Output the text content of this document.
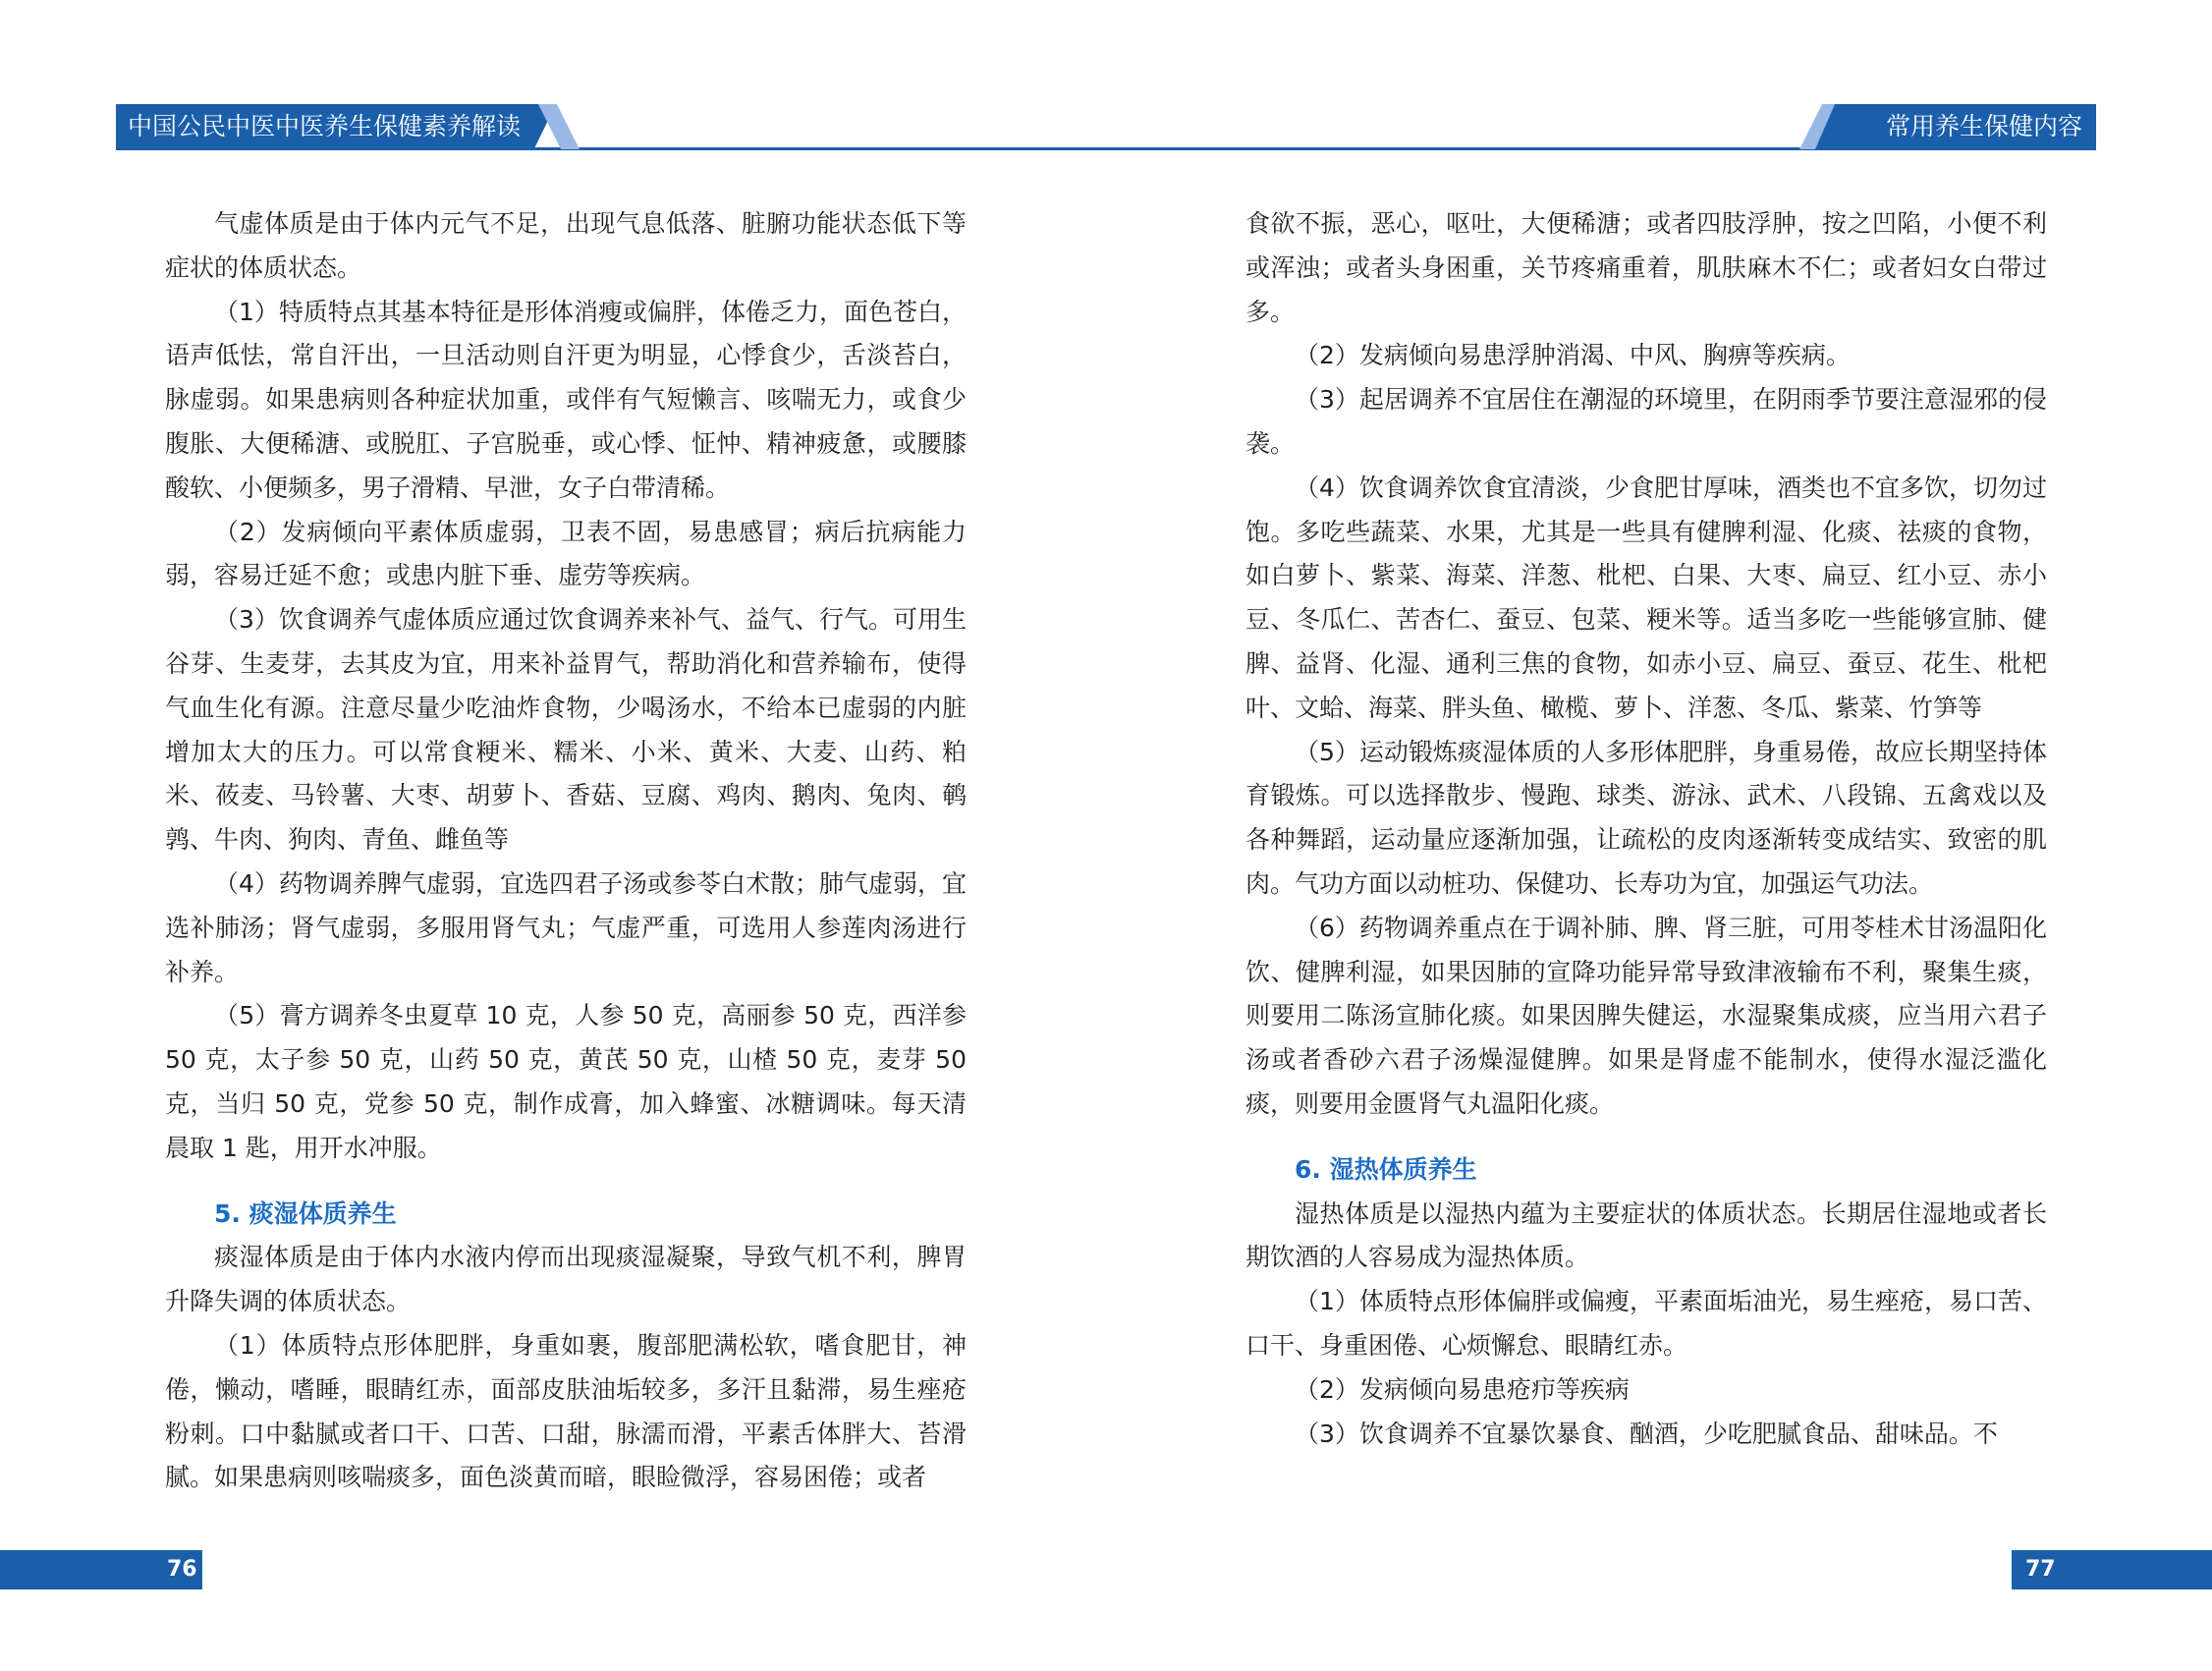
中国公民中医中医养生保健素养解读	常用养生保健内容

气虚体质是由于体内元气不足，出现气息低落、脏腑功能状态低下等症状的体质状态。

（1）特质特点其基本特征是形体消瘦或偏胖，体倦乏力，面色苍白，语声低怯，常自汗出，一旦活动则自汗更为明显，心悸食少，舌淡苔白，脉虚弱。如果患病则各种症状加重，或伴有气短懒言、咳喘无力，或食少腹胀、大便稀溏、或脱肛、子宫脱垂，或心悸、怔忡、精神疲惫，或腰膝酸软、小便频多，男子滑精、早泄，女子白带清稀。

（2）发病倾向平素体质虚弱，卫表不固，易患感冒；病后抗病能力弱，容易迁延不愈；或患内脏下垂、虚劳等疾病。

（3）饮食调养气虚体质应通过饮食调养来补气、益气、行气。可用生谷芽、生麦芽，去其皮为宜，用来补益胃气，帮助消化和营养输布，使得气血生化有源。注意尽量少吃油炸食物，少喝汤水，不给本已虚弱的内脏增加太大的压力。可以常食粳米、糯米、小米、黄米、大麦、山药、粕米、莜麦、马铃薯、大枣、胡萝卜、香菇、豆腐、鸡肉、鹅肉、兔肉、鹌鹑、牛肉、狗肉、青鱼、雌鱼等

（4）药物调养脾气虚弱，宜选四君子汤或参苓白术散；肺气虚弱，宜选补肺汤；肾气虚弱，多服用肾气丸；气虚严重，可选用人参莲肉汤进行补养。

（5）膏方调养冬虫夏草 10 克，人参 50 克，高丽参 50 克，西洋参 50 克，太子参 50 克，山药 50 克，黄芪 50 克，山楂 50 克，麦芽 50 克，当归 50 克，党参 50 克，制作成膏，加入蜂蜜、冰糖调味。每天清晨取 1 匙，用开水冲服。

5. 痰湿体质养生

痰湿体质是由于体内水液内停而出现痰湿凝聚，导致气机不利，脾胃升降失调的体质状态。

（1）体质特点形体肥胖，身重如裹，腹部肥满松软，嗜食肥甘，神倦，懒动，嗜睡，眼睛红赤，面部皮肤油垢较多，多汗且黏滞，易生痤疮粉刺。口中黏腻或者口干、口苦、口甜，脉濡而滑，平素舌体胖大、苔滑腻。如果患病则咳喘痰多，面色淡黄而暗，眼睑微浮，容易困倦；或者

食欲不振，恶心，呕吐，大便稀溏；或者四肢浮肿，按之凹陷，小便不利或浑浊；或者头身困重，关节疼痛重着，肌肤麻木不仁；或者妇女白带过多。

（2）发病倾向易患浮肿消渴、中风、胸痹等疾病。

（3）起居调养不宜居住在潮湿的环境里，在阴雨季节要注意湿邪的侵袭。

（4）饮食调养饮食宜清淡，少食肥甘厚味，酒类也不宜多饮，切勿过饱。多吃些蔬菜、水果，尤其是一些具有健脾利湿、化痰、祛痰的食物，如白萝卜、紫菜、海菜、洋葱、枇杷、白果、大枣、扁豆、红小豆、赤小豆、冬瓜仁、苦杏仁、蚕豆、包菜、粳米等。适当多吃一些能够宣肺、健脾、益肾、化湿、通利三焦的食物，如赤小豆、扁豆、蚕豆、花生、枇杷叶、文蛤、海菜、胖头鱼、橄榄、萝卜、洋葱、冬瓜、紫菜、竹笋等

（5）运动锻炼痰湿体质的人多形体肥胖，身重易倦，故应长期坚持体育锻炼。可以选择散步、慢跑、球类、游泳、武术、八段锦、五禽戏以及各种舞蹈，运动量应逐渐加强，让疏松的皮肉逐渐转变成结实、致密的肌肉。气功方面以动桩功、保健功、长寿功为宜，加强运气功法。

（6）药物调养重点在于调补肺、脾、肾三脏，可用苓桂术甘汤温阳化饮、健脾利湿，如果因肺的宣降功能异常导致津液输布不利，聚集生痰，则要用二陈汤宣肺化痰。如果因脾失健运，水湿聚集成痰，应当用六君子汤或者香砂六君子汤燥湿健脾。如果是肾虚不能制水，使得水湿泛滥化痰，则要用金匮肾气丸温阳化痰。

6. 湿热体质养生

湿热体质是以湿热内蕴为主要症状的体质状态。长期居住湿地或者长期饮酒的人容易成为湿热体质。

（1）体质特点形体偏胖或偏瘦，平素面垢油光，易生痤疮，易口苦、口干、身重困倦、心烦懈怠、眼睛红赤。

（2）发病倾向易患疮疖等疾病

（3）饮食调养不宜暴饮暴食、酗酒，少吃肥腻食品、甜味品。不

76	77
